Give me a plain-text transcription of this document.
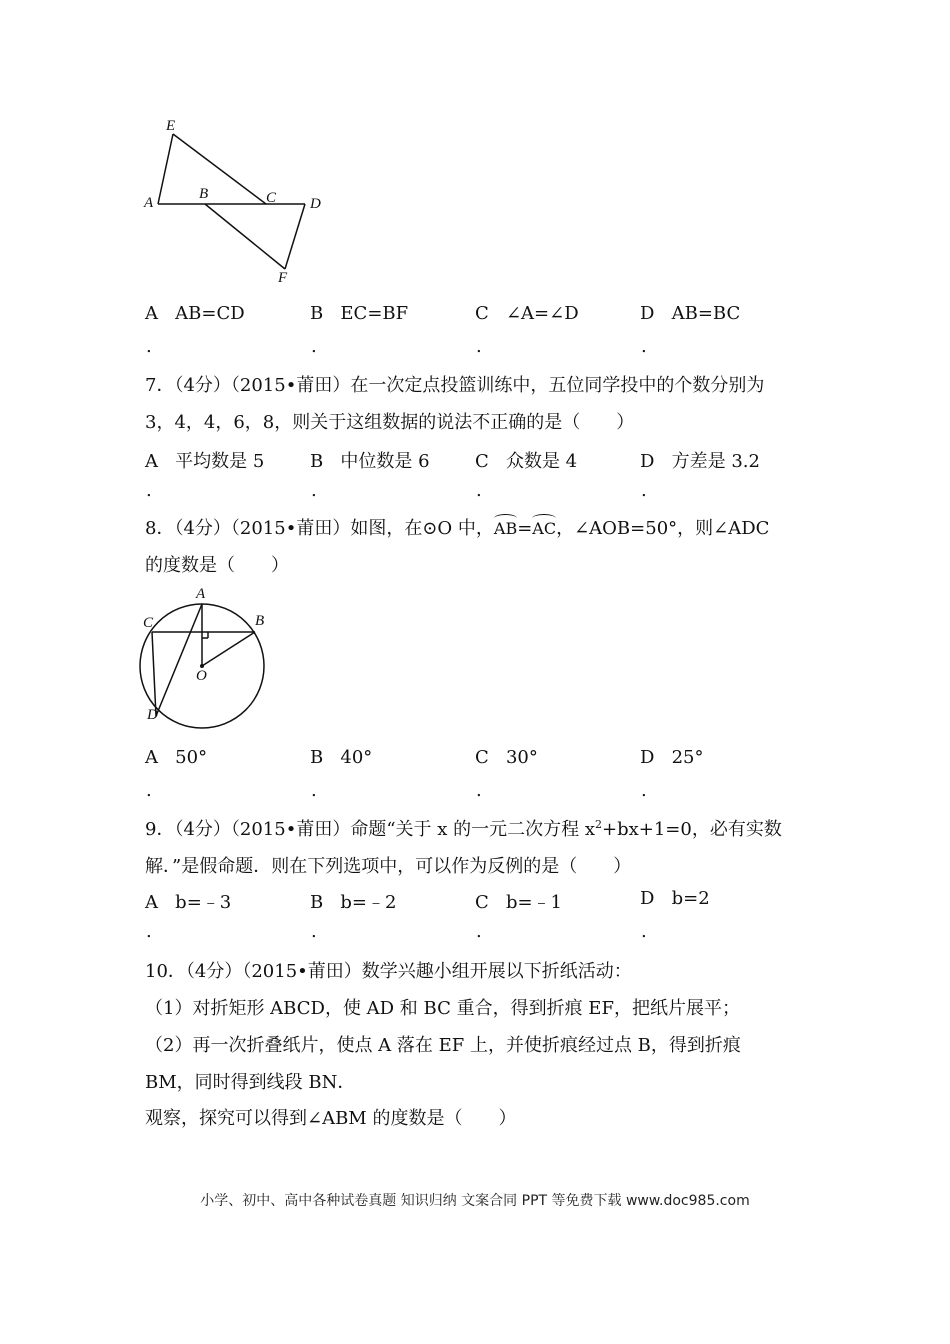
E
A
B	C D
F
A AB=CD	B EC=BF	C ∠A=∠D	D AB=BC
.	.	.	.
7．（4分）（2015•莆田）在一次定点投篮训练中，五位同学投中的个数分别为
3，4，4，6，8，则关于这组数据的说法不正确的是（　　）
A 平均数是 5	B 中位数是 6	C 众数是 4	D 方差是 3.2
.	.	.	.
8．（4分）（2015•莆田）如图，在⊙O 中，AB=AC，∠AOB=50°，则∠ADC
的度数是（　　）
A
B
C
D
O
A 50°	B 40°	C 30°	D 25°
.	.	.	.
9．（4分）（2015•莆田）命题“关于 x 的一元二次方程 $x^2+bx+1=0$，必有实数
解．”是假命题．则在下列选项中，可以作为反例的是（　　）
A b=﹣3	B b=﹣2	C b=﹣1	D b=2
.	.	.	.
10．（4分）（2015•莆田）数学兴趣小组开展以下折纸活动：
（1）对折矩形 ABCD，使 AD 和 BC 重合，得到折痕 EF，把纸片展平；
（2）再一次折叠纸片，使点 A 落在 EF 上，并使折痕经过点 B，得到折痕
BM，同时得到线段 BN．
观察，探究可以得到∠ABM 的度数是（　　）
小学、初中、高中各种试卷真题 知识归纳 文案合同 PPT 等免费下载 www.doc985.com
